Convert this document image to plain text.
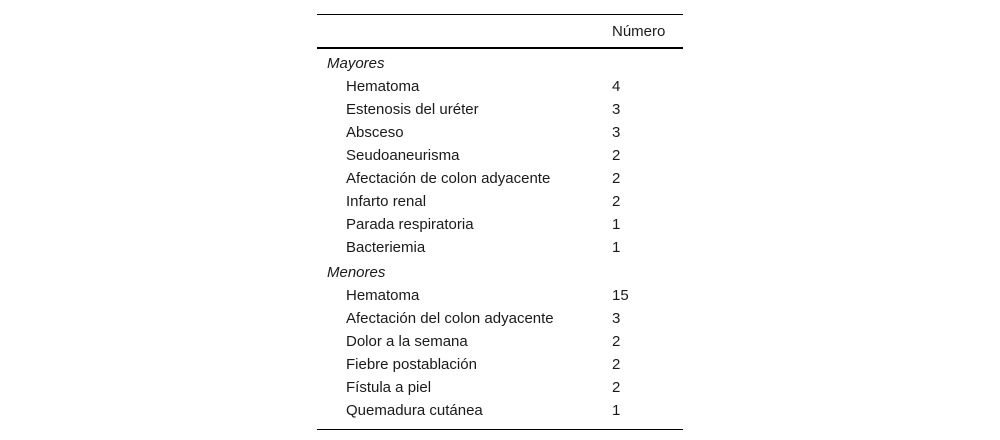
Número
Mayores
Hematoma	4
Estenosis del uréter	3
Absceso	3
Seudoaneurisma	2
Afectación de colon adyacente	2
Infarto renal	2
Parada respiratoria	1
Bacteriemia	1
Menores
Hematoma	15
Afectación del colon adyacente	3
Dolor a la semana	2
Fiebre postablación	2
Fístula a piel	2
Quemadura cutánea	1
